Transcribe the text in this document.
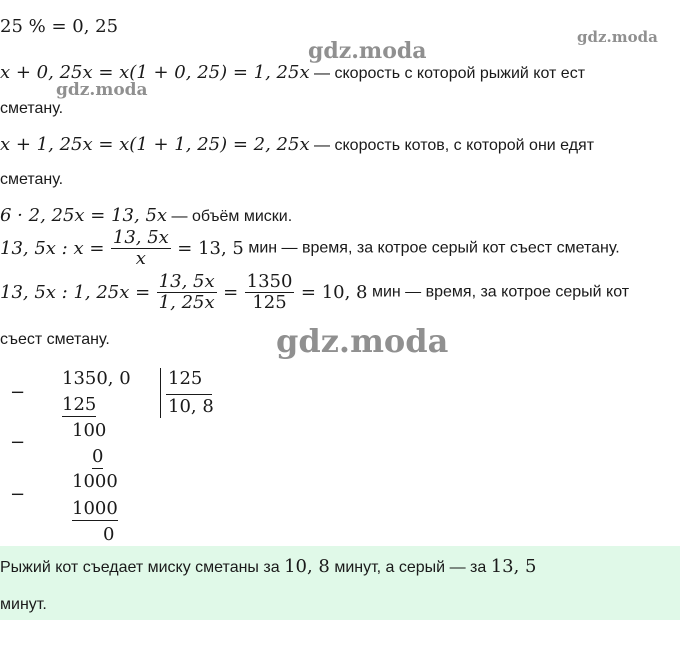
gdz.moda
gdz.moda
gdz.moda
gdz.moda
25 % = 0, 25
x + 0, 25x = x(1 + 0, 25) = 1, 25x — скорость с которой рыжий кот ест
сметану.
x + 1, 25x = x(1 + 1, 25) = 2, 25x — скорость котов, с которой они едят
сметану.
6 · 2, 25x = 13, 5x — объём миски.
13, 5x : $x = \frac{13, 5x}{x} = 13$, 5 мин — время, за котрое серый кот съест сметану.
13, 5x : 1, $25x = \frac{13, 5x}{1, 25x} = \frac{1350}{125} = 10$, 8 мин — время, за котрое серый кот
съест сметану.
−
1350, 0
125
125
10, 8
−
100
0
−
1000
1000
0
Рыжий кот съедает миску сметаны за 10, 8 минут, а серый — за 13, 5
минут.
